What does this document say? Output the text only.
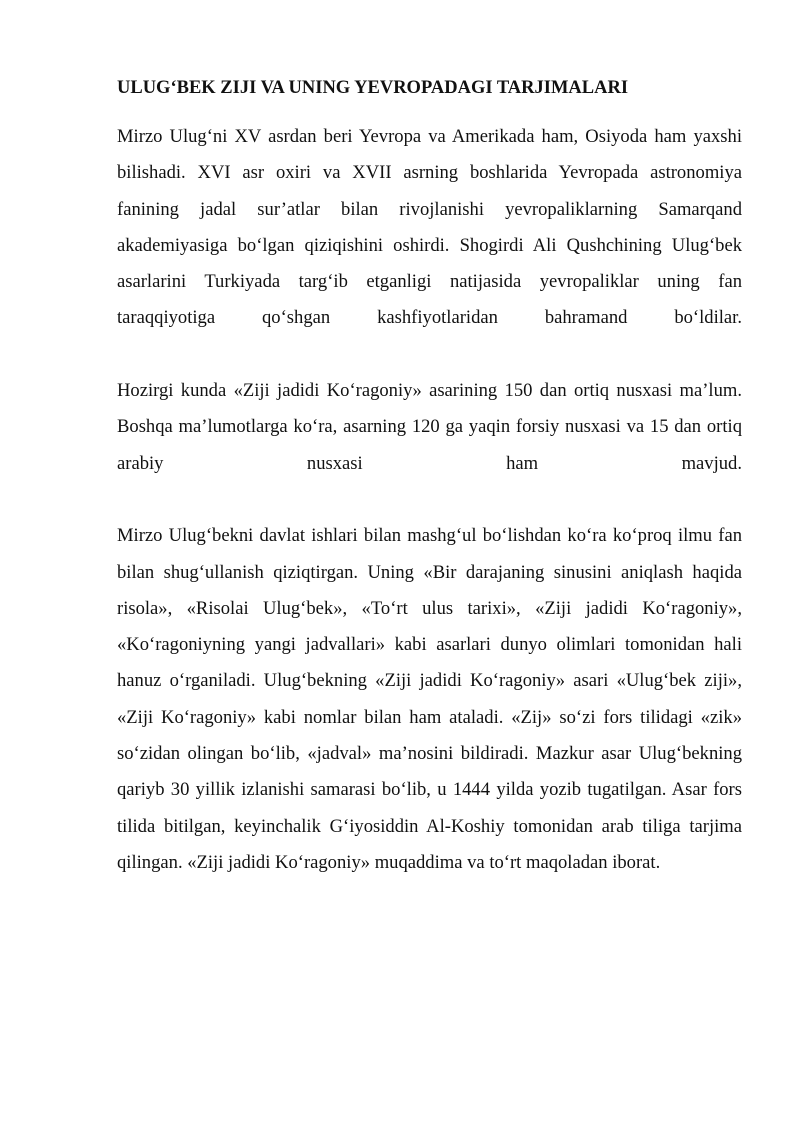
ULUG‘BEK ZIJI VA UNING YEVROPADAGI TARJIMALARI

Mirzo Ulug‘ni XV asrdan beri Yevropa va Amerikada ham, Osiyoda ham yaxshi bilishadi. XVI asr oxiri va XVII asrning boshlarida Yevropada astronomiya fanining jadal sur’atlar bilan rivojlanishi yevropaliklarning Samarqand akademiyasiga bo‘lgan qiziqishini oshirdi. Shogirdi Ali Qushchining Ulug‘bek asarlarini Turkiyada targ‘ib etganligi natijasida yevropaliklar uning fan taraqqiyotiga qo‘shgan kashfiyotlaridan bahramand bo‘ldilar.

Hozirgi kunda «Ziji jadidi Ko‘ragoniy» asarining 150 dan ortiq nusxasi ma’lum. Boshqa ma’lumotlarga ko‘ra, asarning 120 ga yaqin forsiy nusxasi va 15 dan ortiq arabiy nusxasi ham mavjud.

Mirzo Ulug‘bekni davlat ishlari bilan mashg‘ul bo‘lishdan ko‘ra ko‘proq ilmu fan bilan shug‘ullanish qiziqtirgan. Uning «Bir darajaning sinusini aniqlash haqida risola», «Risolai Ulug‘bek», «To‘rt ulus tarixi», «Ziji jadidi Ko‘ragoniy», «Ko‘ragoniyning yangi jadvallari» kabi asarlari dunyo olimlari tomonidan hali hanuz o‘rganiladi. Ulug‘bekning «Ziji jadidi Ko‘ragoniy» asari «Ulug‘bek ziji», «Ziji Ko‘ragoniy» kabi nomlar bilan ham ataladi. «Zij» so‘zi fors tilidagi «zik» so‘zidan olingan bo‘lib, «jadval» ma’nosini bildiradi. Mazkur asar Ulug‘bekning qariyb 30 yillik izlanishi samarasi bo‘lib, u 1444 yilda yozib tugatilgan. Asar fors tilida bitilgan, keyinchalik G‘iyosiddin Al-Koshiy tomonidan arab tiliga tarjima qilingan. «Ziji jadidi Ko‘ragoniy» muqaddima va to‘rt maqoladan iborat.
